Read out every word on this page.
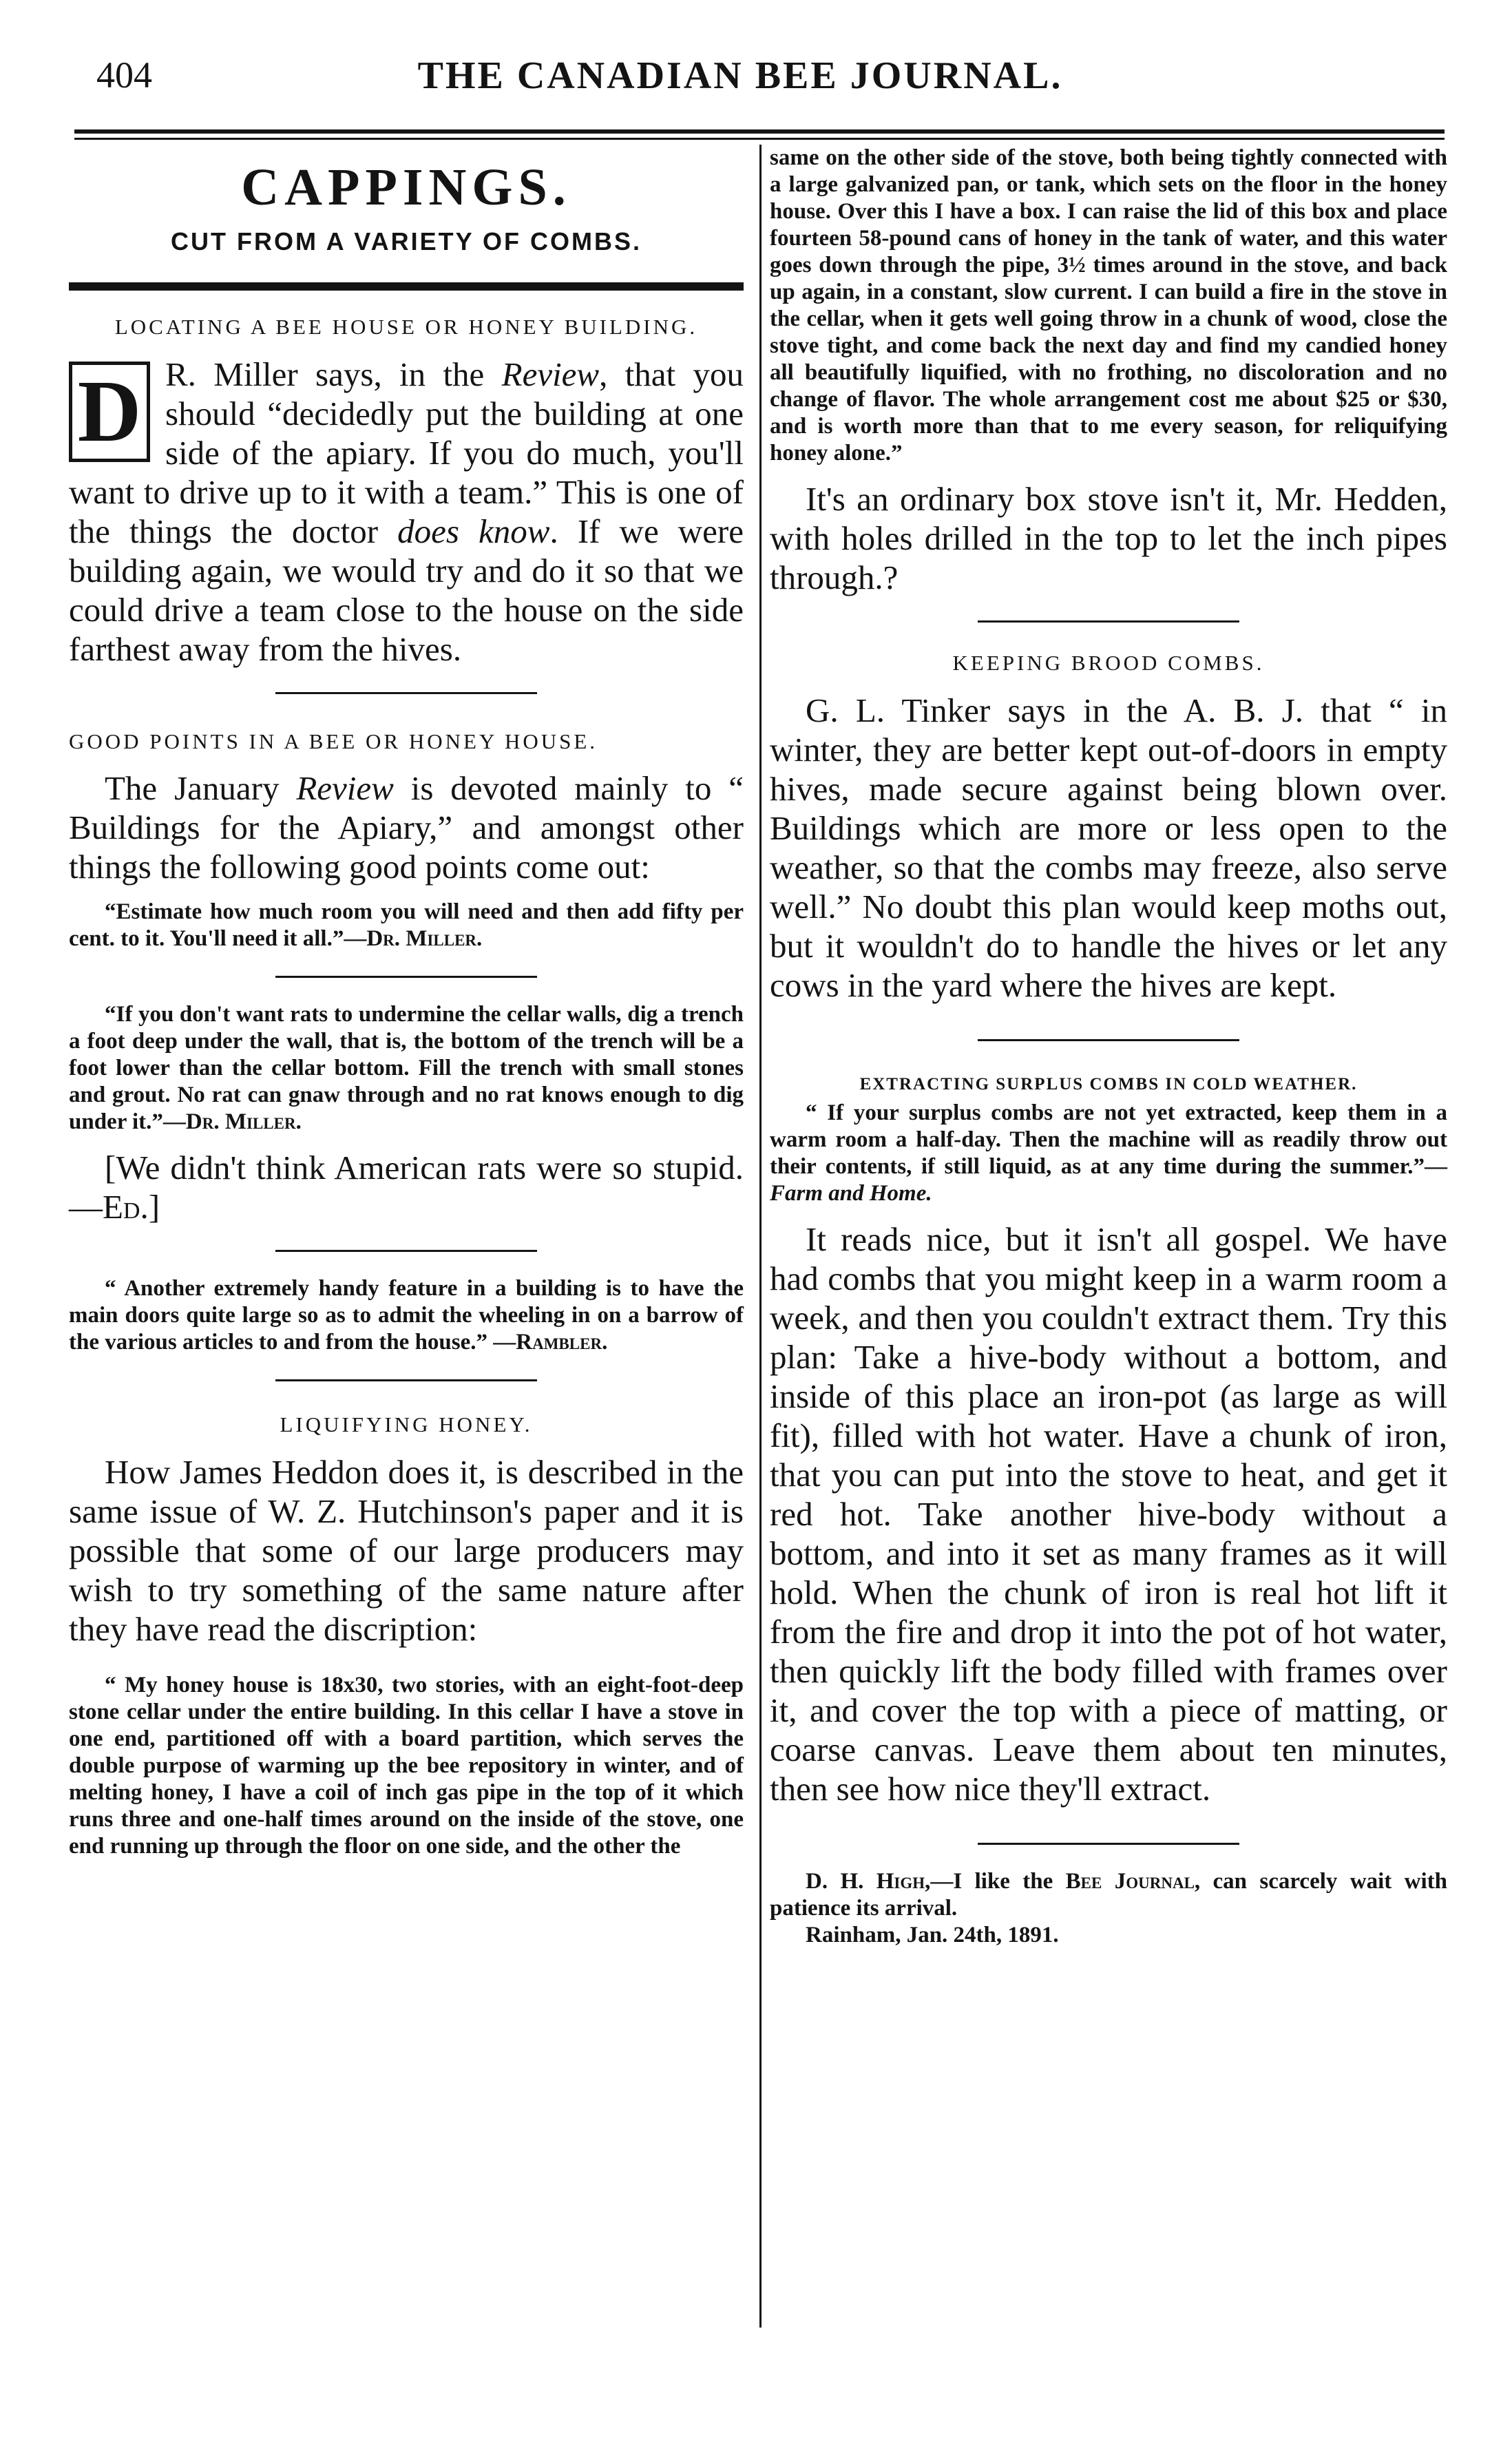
404	THE CANADIAN BEE JOURNAL.
CAPPINGS.
CUT FROM A VARIETY OF COMBS.
LOCATING A BEE HOUSE OR HONEY BUILDING.
D R. Miller says, in the Review, that you should “decidedly put the building at one side of the apiary. If you do much, you'll want to drive up to it with a team.” This is one of the things the doctor does know. If we were building again, we would try and do it so that we could drive a team close to the house on the side farthest away from the hives.
GOOD POINTS IN A BEE OR HONEY HOUSE.

The January Review is devoted mainly to “ Buildings for the Apiary,” and amongst other things the following good points come out:

“Estimate how much room you will need and then add fifty per cent. to it. You'll need it all.”—Dr. Miller.

“If you don't want rats to undermine the cellar walls, dig a trench a foot deep under the wall, that is, the bottom of the trench will be a foot lower than the cellar bottom. Fill the trench with small stones and grout. No rat can gnaw through and no rat knows enough to dig under it.”—Dr. Miller.

[We didn't think American rats were so stupid.—Ed.]

“ Another extremely handy feature in a building is to have the main doors quite large so as to admit the wheeling in on a barrow of the various articles to and from the house.” —Rambler.

LIQUIFYING HONEY.

How James Heddon does it, is described in the same issue of W. Z. Hutchinson's paper and it is possible that some of our large producers may wish to try something of the same nature after they have read the discription:

“ My honey house is 18x30, two stories, with an eight-foot-deep stone cellar under the entire building. In this cellar I have a stove in one end, partitioned off with a board partition, which serves the double purpose of warming up the bee repository in winter, and of melting honey, I have a coil of inch gas pipe in the top of it which runs three and one-half times around on the inside of the stove, one end running up through the floor on one side, and the other the

same on the other side of the stove, both being tightly connected with a large galvanized pan, or tank, which sets on the floor in the honey house. Over this I have a box. I can raise the lid of this box and place fourteen 58-pound cans of honey in the tank of water, and this water goes down through the pipe, 3½ times around in the stove, and back up again, in a constant, slow current. I can build a fire in the stove in the cellar, when it gets well going throw in a chunk of wood, close the stove tight, and come back the next day and find my candied honey all beautifully liquified, with no frothing, no discoloration and no change of flavor. The whole arrangement cost me about $25 or $30, and is worth more than that to me every season, for reliquifying honey alone.”

It's an ordinary box stove isn't it, Mr. Hedden, with holes drilled in the top to let the inch pipes through.?

KEEPING BROOD COMBS.

G. L. Tinker says in the A. B. J. that “ in winter, they are better kept out-of-doors in empty hives, made secure against being blown over. Buildings which are more or less open to the weather, so that the combs may freeze, also serve well.” No doubt this plan would keep moths out, but it wouldn't do to handle the hives or let any cows in the yard where the hives are kept.

EXTRACTING SURPLUS COMBS IN COLD WEATHER.

“ If your surplus combs are not yet extracted, keep them in a warm room a half-day. Then the machine will as readily throw out their contents, if still liquid, as at any time during the summer.”—Farm and Home.

It reads nice, but it isn't all gospel. We have had combs that you might keep in a warm room a week, and then you couldn't extract them. Try this plan: Take a hive-body without a bottom, and inside of this place an iron-pot (as large as will fit), filled with hot water. Have a chunk of iron, that you can put into the stove to heat, and get it red hot. Take another hive-body without a bottom, and into it set as many frames as it will hold. When the chunk of iron is real hot lift it from the fire and drop it into the pot of hot water, then quickly lift the body filled with frames over it, and cover the top with a piece of matting, or coarse canvas. Leave them about ten minutes, then see how nice they'll extract.

D. H. High,—I like the Bee Journal, can scarcely wait with patience its arrival.

Rainham, Jan. 24th, 1891.
